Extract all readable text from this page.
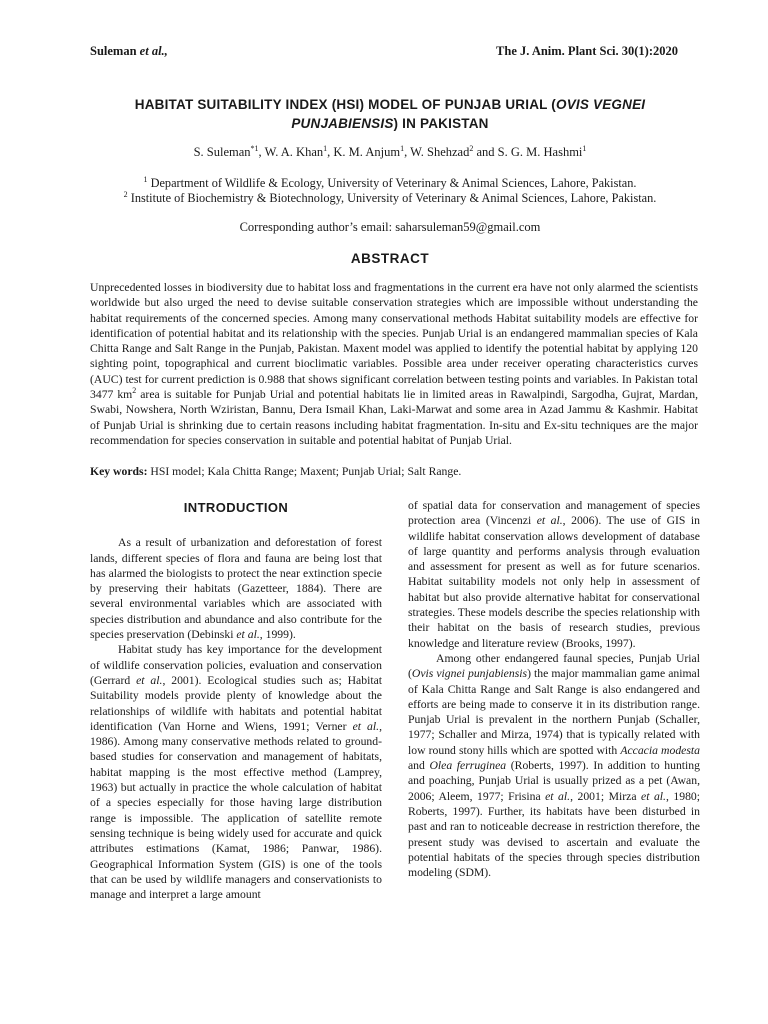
Suleman et al.,	The J. Anim. Plant Sci. 30(1):2020
HABITAT SUITABILITY INDEX (HSI) MODEL OF PUNJAB URIAL (OVIS VEGNEI PUNJABIENSIS) IN PAKISTAN
S. Suleman$^{*1}$, W. A. Khan$^1$, K. M. Anjum$^1$, W. Shehzad$^2$ and S. G. M. Hashmi$^1$
$^1$ Department of Wildlife & Ecology, University of Veterinary & Animal Sciences, Lahore, Pakistan.
$^2$ Institute of Biochemistry & Biotechnology, University of Veterinary & Animal Sciences, Lahore, Pakistan.
Corresponding author’s email: saharsuleman59@gmail.com
ABSTRACT
Unprecedented losses in biodiversity due to habitat loss and fragmentations in the current era have not only alarmed the scientists worldwide but also urged the need to devise suitable conservation strategies which are impossible without understanding the habitat requirements of the concerned species. Among many conservational methods Habitat suitability models are effective for identification of potential habitat and its relationship with the species. Punjab Urial is an endangered mammalian species of Kala Chitta Range and Salt Range in the Punjab, Pakistan. Maxent model was applied to identify the potential habitat by applying 120 sighting point, topographical and current bioclimatic variables. Possible area under receiver operating characteristics curves (AUC) test for current prediction is 0.988 that shows significant correlation between testing points and variables. In Pakistan total 3477 $km^2$ area is suitable for Punjab Urial and potential habitats lie in limited areas in Rawalpindi, Sargodha, Gujrat, Mardan, Swabi, Nowshera, North Wziristan, Bannu, Dera Ismail Khan, Laki-Marwat and some area in Azad Jammu & Kashmir. Habitat of Punjab Urial is shrinking due to certain reasons including habitat fragmentation. In-situ and Ex-situ techniques are the major recommendation for species conservation in suitable and potential habitat of Punjab Urial.
Key words: HSI model; Kala Chitta Range; Maxent; Punjab Urial; Salt Range.
INTRODUCTION

As a result of urbanization and deforestation of forest lands, different species of flora and fauna are being lost that has alarmed the biologists to protect the near extinction specie by preserving their habitats (Gazetteer, 1884). There are several environmental variables which are associated with species distribution and abundance and also contribute for the species preservation (Debinski et al., 1999).

Habitat study has key importance for the development of wildlife conservation policies, evaluation and conservation (Gerrard et al., 2001). Ecological studies such as; Habitat Suitability models provide plenty of knowledge about the relationships of wildlife with habitats and potential habitat identification (Van Horne and Wiens, 1991; Verner et al., 1986). Among many conservative methods related to ground-based studies for conservation and management of habitats, habitat mapping is the most effective method (Lamprey, 1963) but actually in practice the whole calculation of habitat of a species especially for those having large distribution range is impossible. The application of satellite remote sensing technique is being widely used for accurate and quick attributes estimations (Kamat, 1986; Panwar, 1986). Geographical Information System (GIS) is one of the tools that can be used by wildlife managers and conservationists to manage and interpret a large amount

of spatial data for conservation and management of species protection area (Vincenzi et al., 2006). The use of GIS in wildlife habitat conservation allows development of database of large quantity and performs analysis through evaluation and assessment for present as well as for future scenarios. Habitat suitability models not only help in assessment of habitat but also provide alternative habitat for conservational strategies. These models describe the species relationship with their habitat on the basis of research studies, previous knowledge and literature review (Brooks, 1997).

Among other endangered faunal species, Punjab Urial (Ovis vignei punjabiensis) the major mammalian game animal of Kala Chitta Range and Salt Range is also endangered and efforts are being made to conserve it in its distribution range. Punjab Urial is prevalent in the northern Punjab (Schaller, 1977; Schaller and Mirza, 1974) that is typically related with low round stony hills which are spotted with Accacia modesta and Olea ferruginea (Roberts, 1997). In addition to hunting and poaching, Punjab Urial is usually prized as a pet (Awan, 2006; Aleem, 1977; Frisina et al., 2001; Mirza et al., 1980; Roberts, 1997). Further, its habitats have been disturbed in past and ran to noticeable decrease in restriction therefore, the present study was devised to ascertain and evaluate the potential habitats of the species through species distribution modeling (SDM).
